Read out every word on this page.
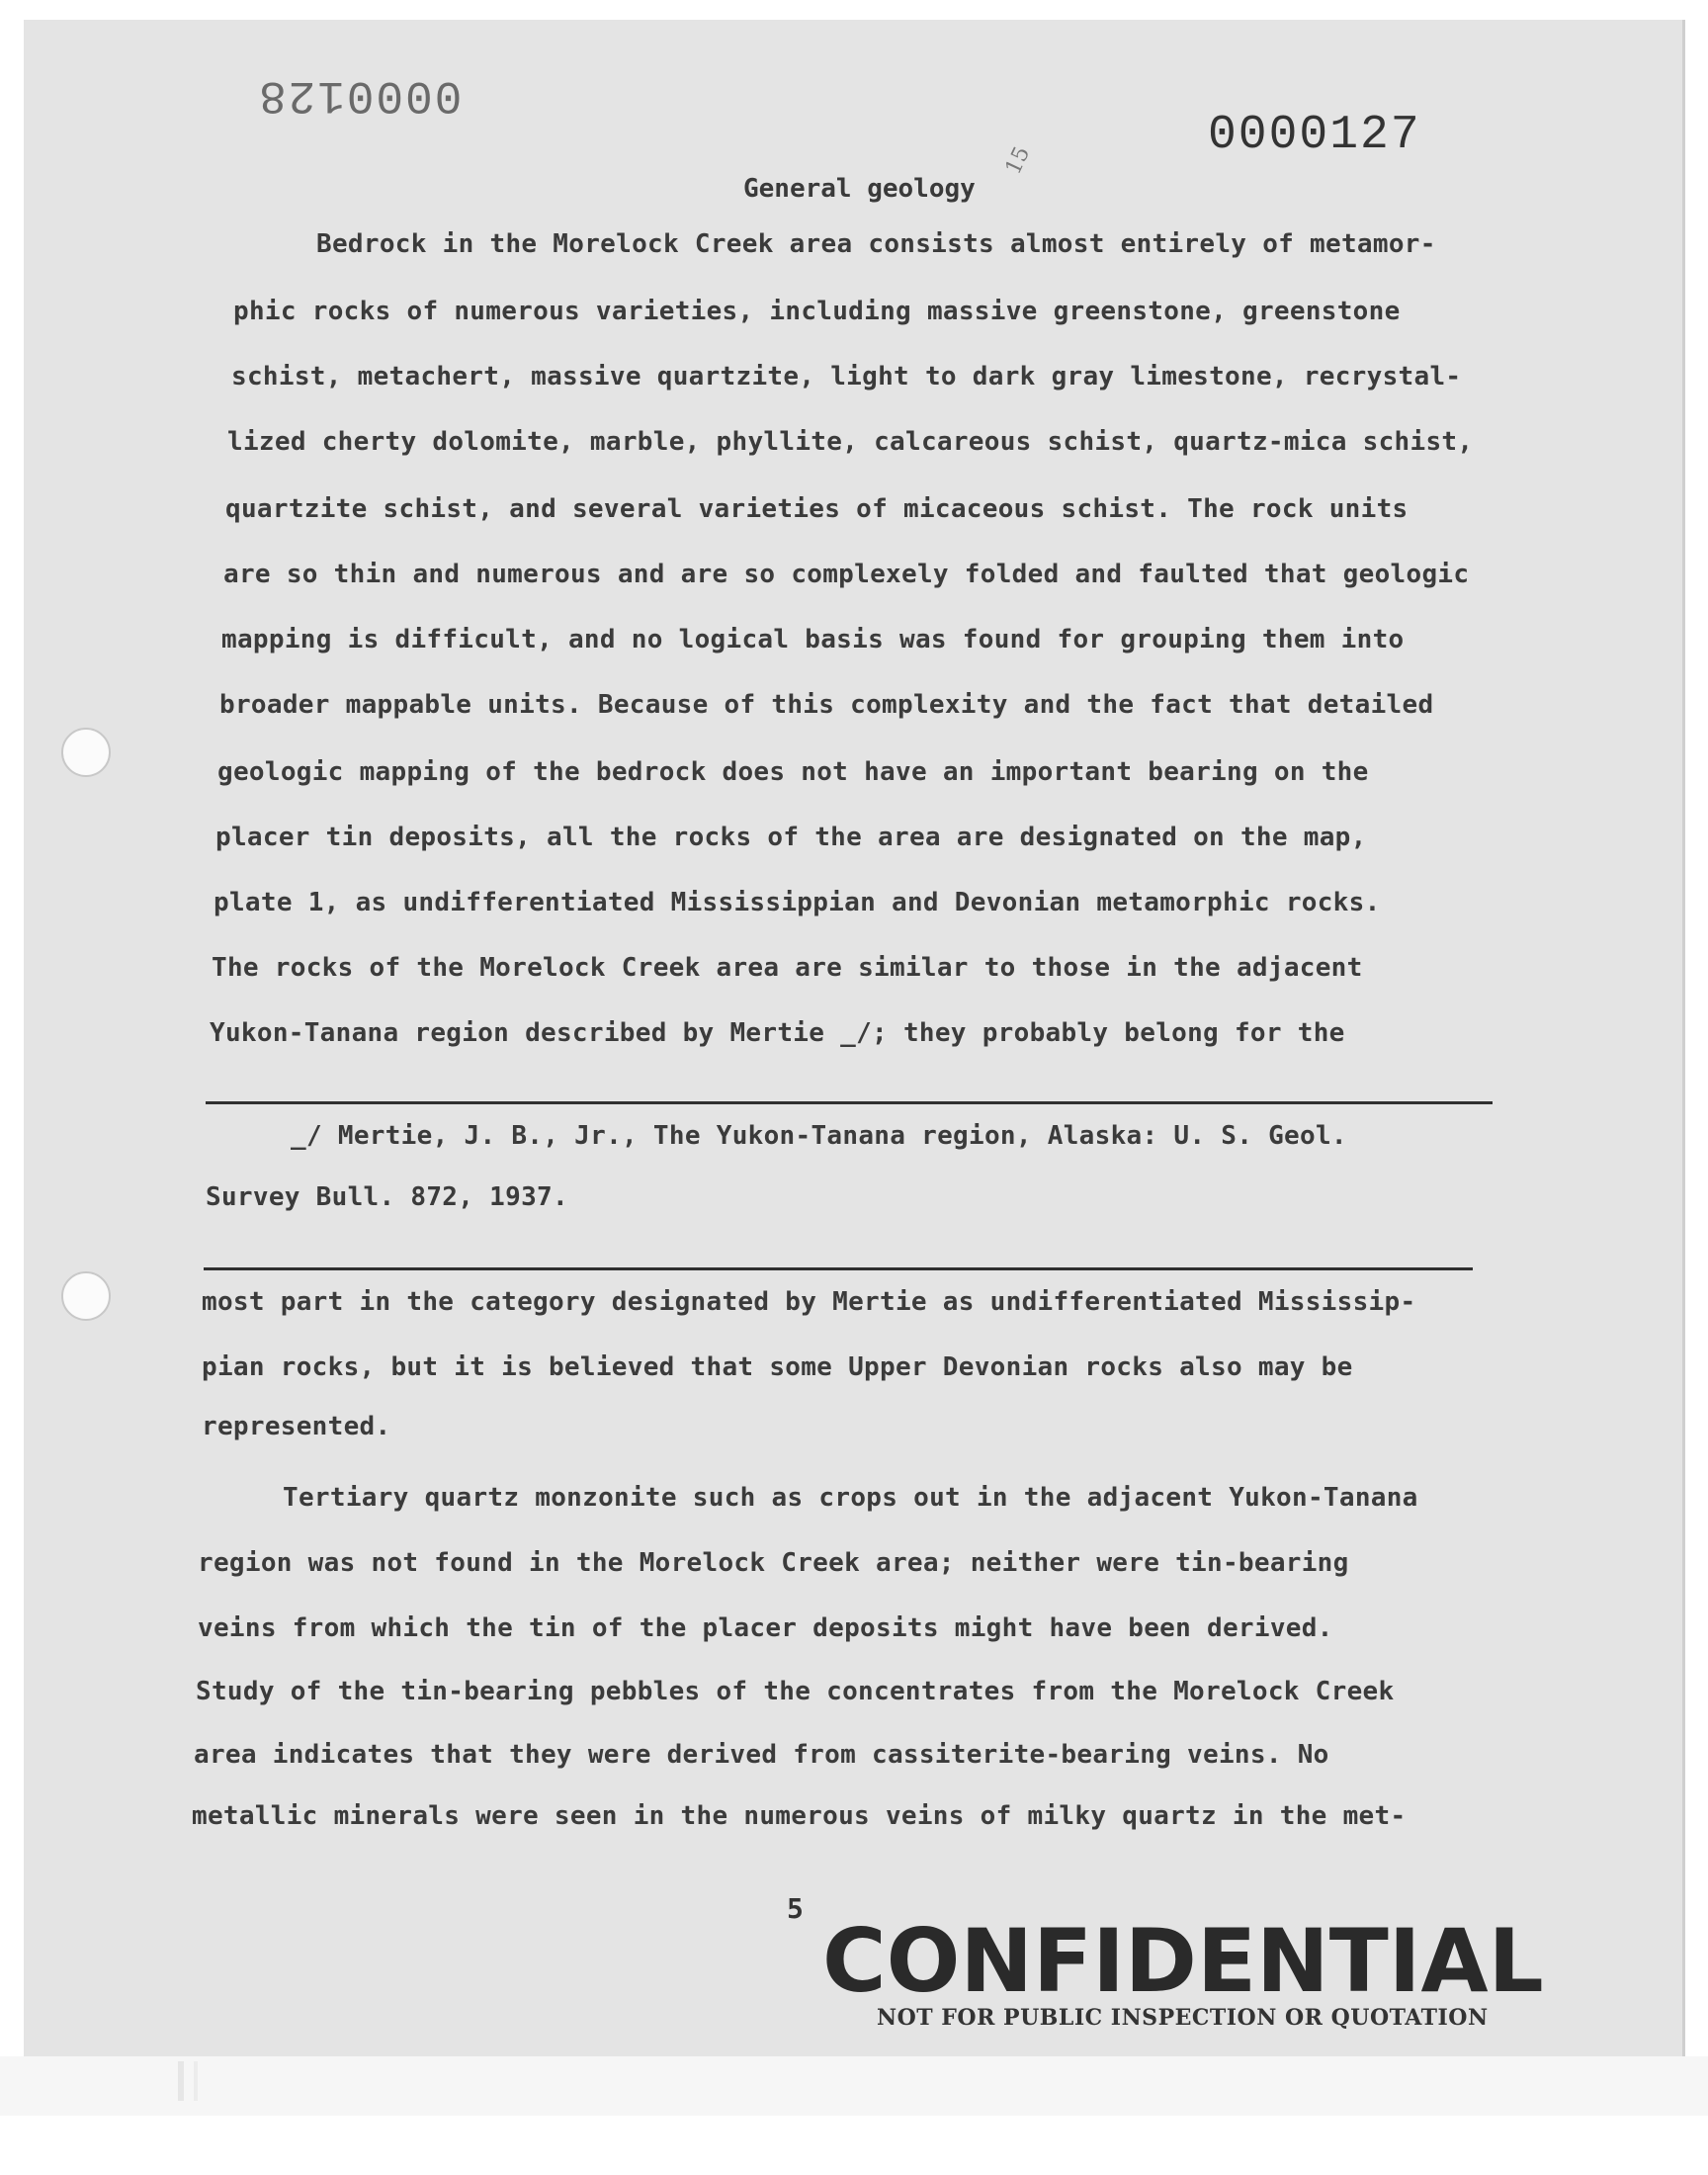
0000128
0000127
15
General geology
Bedrock in the Morelock Creek area consists almost entirely of metamor-
phic rocks of numerous varieties, including massive greenstone, greenstone
schist, metachert, massive quartzite, light to dark gray limestone, recrystal-
lized cherty dolomite, marble, phyllite, calcareous schist, quartz-mica schist,
quartzite schist, and several varieties of micaceous schist. The rock units
are so thin and numerous and are so complexely folded and faulted that geologic
mapping is difficult, and no logical basis was found for grouping them into
broader mappable units. Because of this complexity and the fact that detailed
geologic mapping of the bedrock does not have an important bearing on the
placer tin deposits, all the rocks of the area are designated on the map,
plate 1, as undifferentiated Mississippian and Devonian metamorphic rocks.
The rocks of the Morelock Creek area are similar to those in the adjacent
Yukon-Tanana region described by Mertie _/; they probably belong for the
_/ Mertie, J. B., Jr., The Yukon-Tanana region, Alaska: U. S. Geol.
Survey Bull. 872, 1937.
most part in the category designated by Mertie as undifferentiated Mississip-
pian rocks, but it is believed that some Upper Devonian rocks also may be
represented.
Tertiary quartz monzonite such as crops out in the adjacent Yukon-Tanana
region was not found in the Morelock Creek area; neither were tin-bearing
veins from which the tin of the placer deposits might have been derived.
Study of the tin-bearing pebbles of the concentrates from the Morelock Creek
area indicates that they were derived from cassiterite-bearing veins. No
metallic minerals were seen in the numerous veins of milky quartz in the met-
5
CONFIDENTIAL
NOT FOR PUBLIC INSPECTION OR QUOTATION
